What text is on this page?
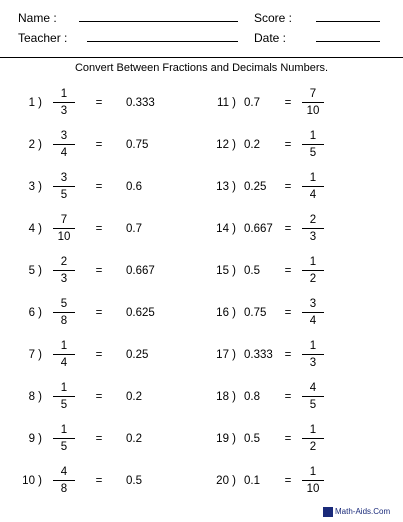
Name :	Score :
Teacher :	Date :
Convert Between Fractions and Decimals Numbers.
1 )
1
3
= 0.333
2 )
3
4
= 0.75
3 )
3
5
= 0.6
4 )
7
10
= 0.7
5 )
2
3
= 0.667
6 )
5
8
= 0.625
7 )
1
4
= 0.25
8 )
1
5
= 0.2
9 )
1
5
= 0.2
10 )
4
8
= 0.5
11 ) 0.7 =
7
10
12 ) 0.2 =
1
5
13 ) 0.25 =
1
4
14 ) 0.667 =
2
3
15 ) 0.5 =
1
2
16 ) 0.75 =
3
4
17 ) 0.333 =
1
3
18 ) 0.8 =
4
5
19 ) 0.5 =
1
2
20 ) 0.1 =
1
10
Math-Aids.Com
